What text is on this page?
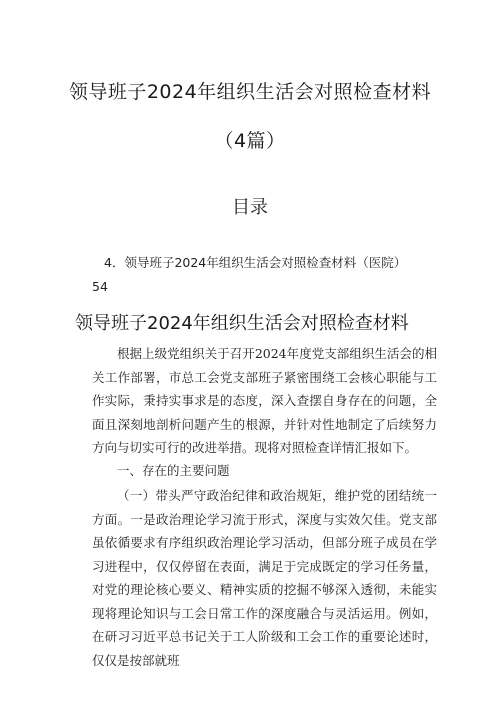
领导班子2024年组织生活会对照检查材料
（4篇）
目录
4．领导班子2024年组织生活会对照检查材料（医院）
54
领导班子2024年组织生活会对照检查材料
根据上级党组织关于召开2024年度党支部组织生活会的相关工作部署，市总工会党支部班子紧密围绕工会核心职能与工作实际，秉持实事求是的态度，深入查摆自身存在的问题，全面且深刻地剖析问题产生的根源，并针对性地制定了后续努力方向与切实可行的改进举措。现将对照检查详情汇报如下。
一、存在的主要问题
（一）带头严守政治纪律和政治规矩，维护党的团结统一方面。一是政治理论学习流于形式，深度与实效欠佳。党支部虽依循要求有序组织政治理论学习活动，但部分班子成员在学习进程中，仅仅停留在表面，满足于完成既定的学习任务量，对党的理论核心要义、精神实质的挖掘不够深入透彻，未能实现将理论知识与工会日常工作的深度融合与灵活运用。例如，在研习习近平总书记关于工人阶级和工会工作的重要论述时，仅仅是按部就班
